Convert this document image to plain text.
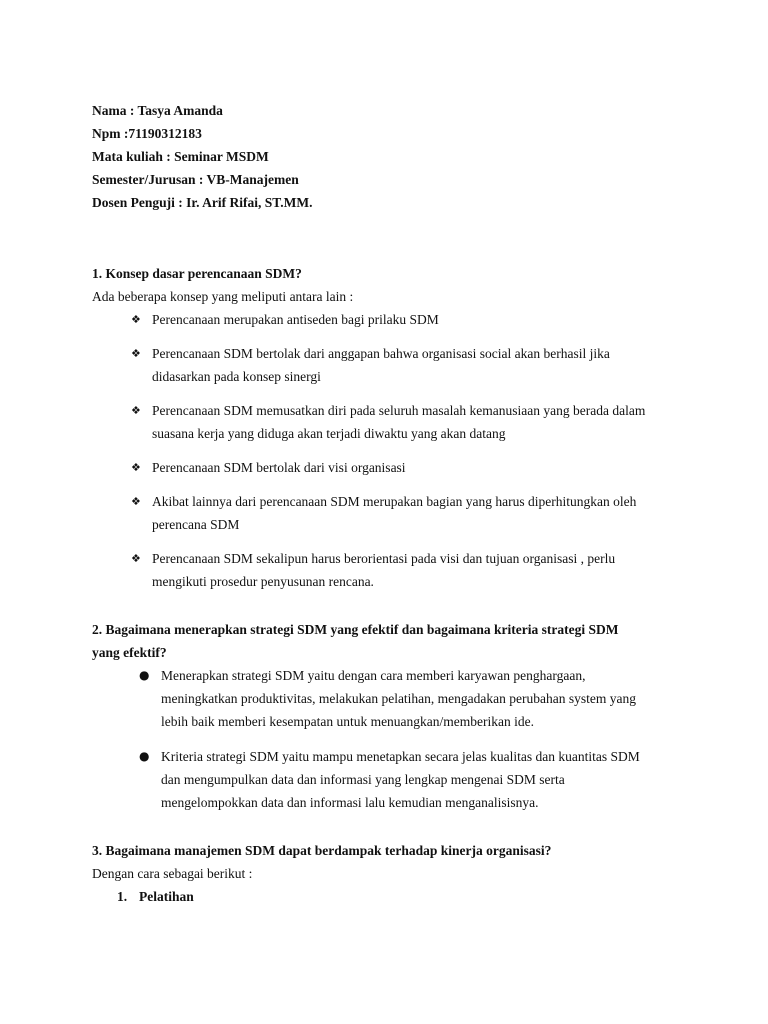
Nama : Tasya Amanda
Npm :71190312183
Mata kuliah : Seminar MSDM
Semester/Jurusan : VB-Manajemen
Dosen Penguji : Ir. Arif Rifai, ST.MM.
1. Konsep dasar perencanaan SDM?
Ada beberapa konsep yang meliputi antara lain :
❖ Perencanaan merupakan antiseden bagi prilaku SDM
❖ Perencanaan SDM bertolak dari anggapan bahwa organisasi social akan berhasil jika
didasarkan pada konsep sinergi
❖ Perencanaan SDM memusatkan diri pada seluruh masalah kemanusiaan yang berada dalam
suasana kerja yang diduga akan terjadi diwaktu yang akan datang
❖ Perencanaan SDM bertolak dari visi organisasi
❖ Akibat lainnya dari perencanaan SDM merupakan bagian yang harus diperhitungkan oleh
perencana SDM
❖ Perencanaan SDM sekalipun harus berorientasi pada visi dan tujuan organisasi , perlu
mengikuti prosedur penyusunan rencana.
2. Bagaimana menerapkan strategi SDM yang efektif dan bagaimana kriteria strategi SDM
yang efektif?
● Menerapkan strategi SDM yaitu dengan cara memberi karyawan penghargaan,
meningkatkan produktivitas, melakukan pelatihan, mengadakan perubahan system yang
lebih baik memberi kesempatan untuk menuangkan/memberikan ide.
● Kriteria strategi SDM yaitu mampu menetapkan secara jelas kualitas dan kuantitas SDM
dan mengumpulkan data dan informasi yang lengkap mengenai SDM serta
mengelompokkan data dan informasi lalu kemudian menganalisisnya.
3. Bagaimana manajemen SDM dapat berdampak terhadap kinerja organisasi?
Dengan cara sebagai berikut :
1. Pelatihan
